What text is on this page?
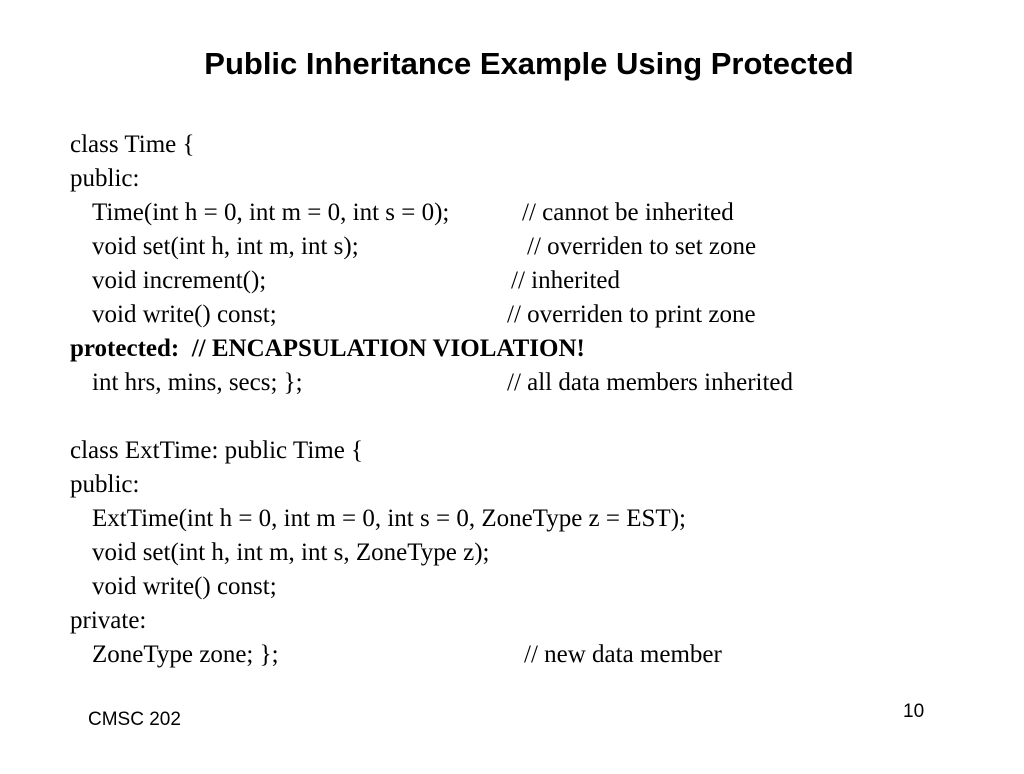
Public Inheritance Example Using Protected

class Time {

public:

Time(int h = 0, int m = 0, int s = 0);

	// cannot be inherited

void set(int h, int m, int s);

	// overriden to set zone

void increment();

	// inherited

void write() const;

	// overriden to print zone

protected:  // ENCAPSULATION VIOLATION!

int hrs, mins, secs; };

	// all data members inherited

class ExtTime: public Time {

public:

ExtTime(int h = 0, int m = 0, int s = 0, ZoneType z = EST);

void set(int h, int m, int s, ZoneType z);

void write() const;

private:

ZoneType zone; };

	// new data member

CMSC 202	10
